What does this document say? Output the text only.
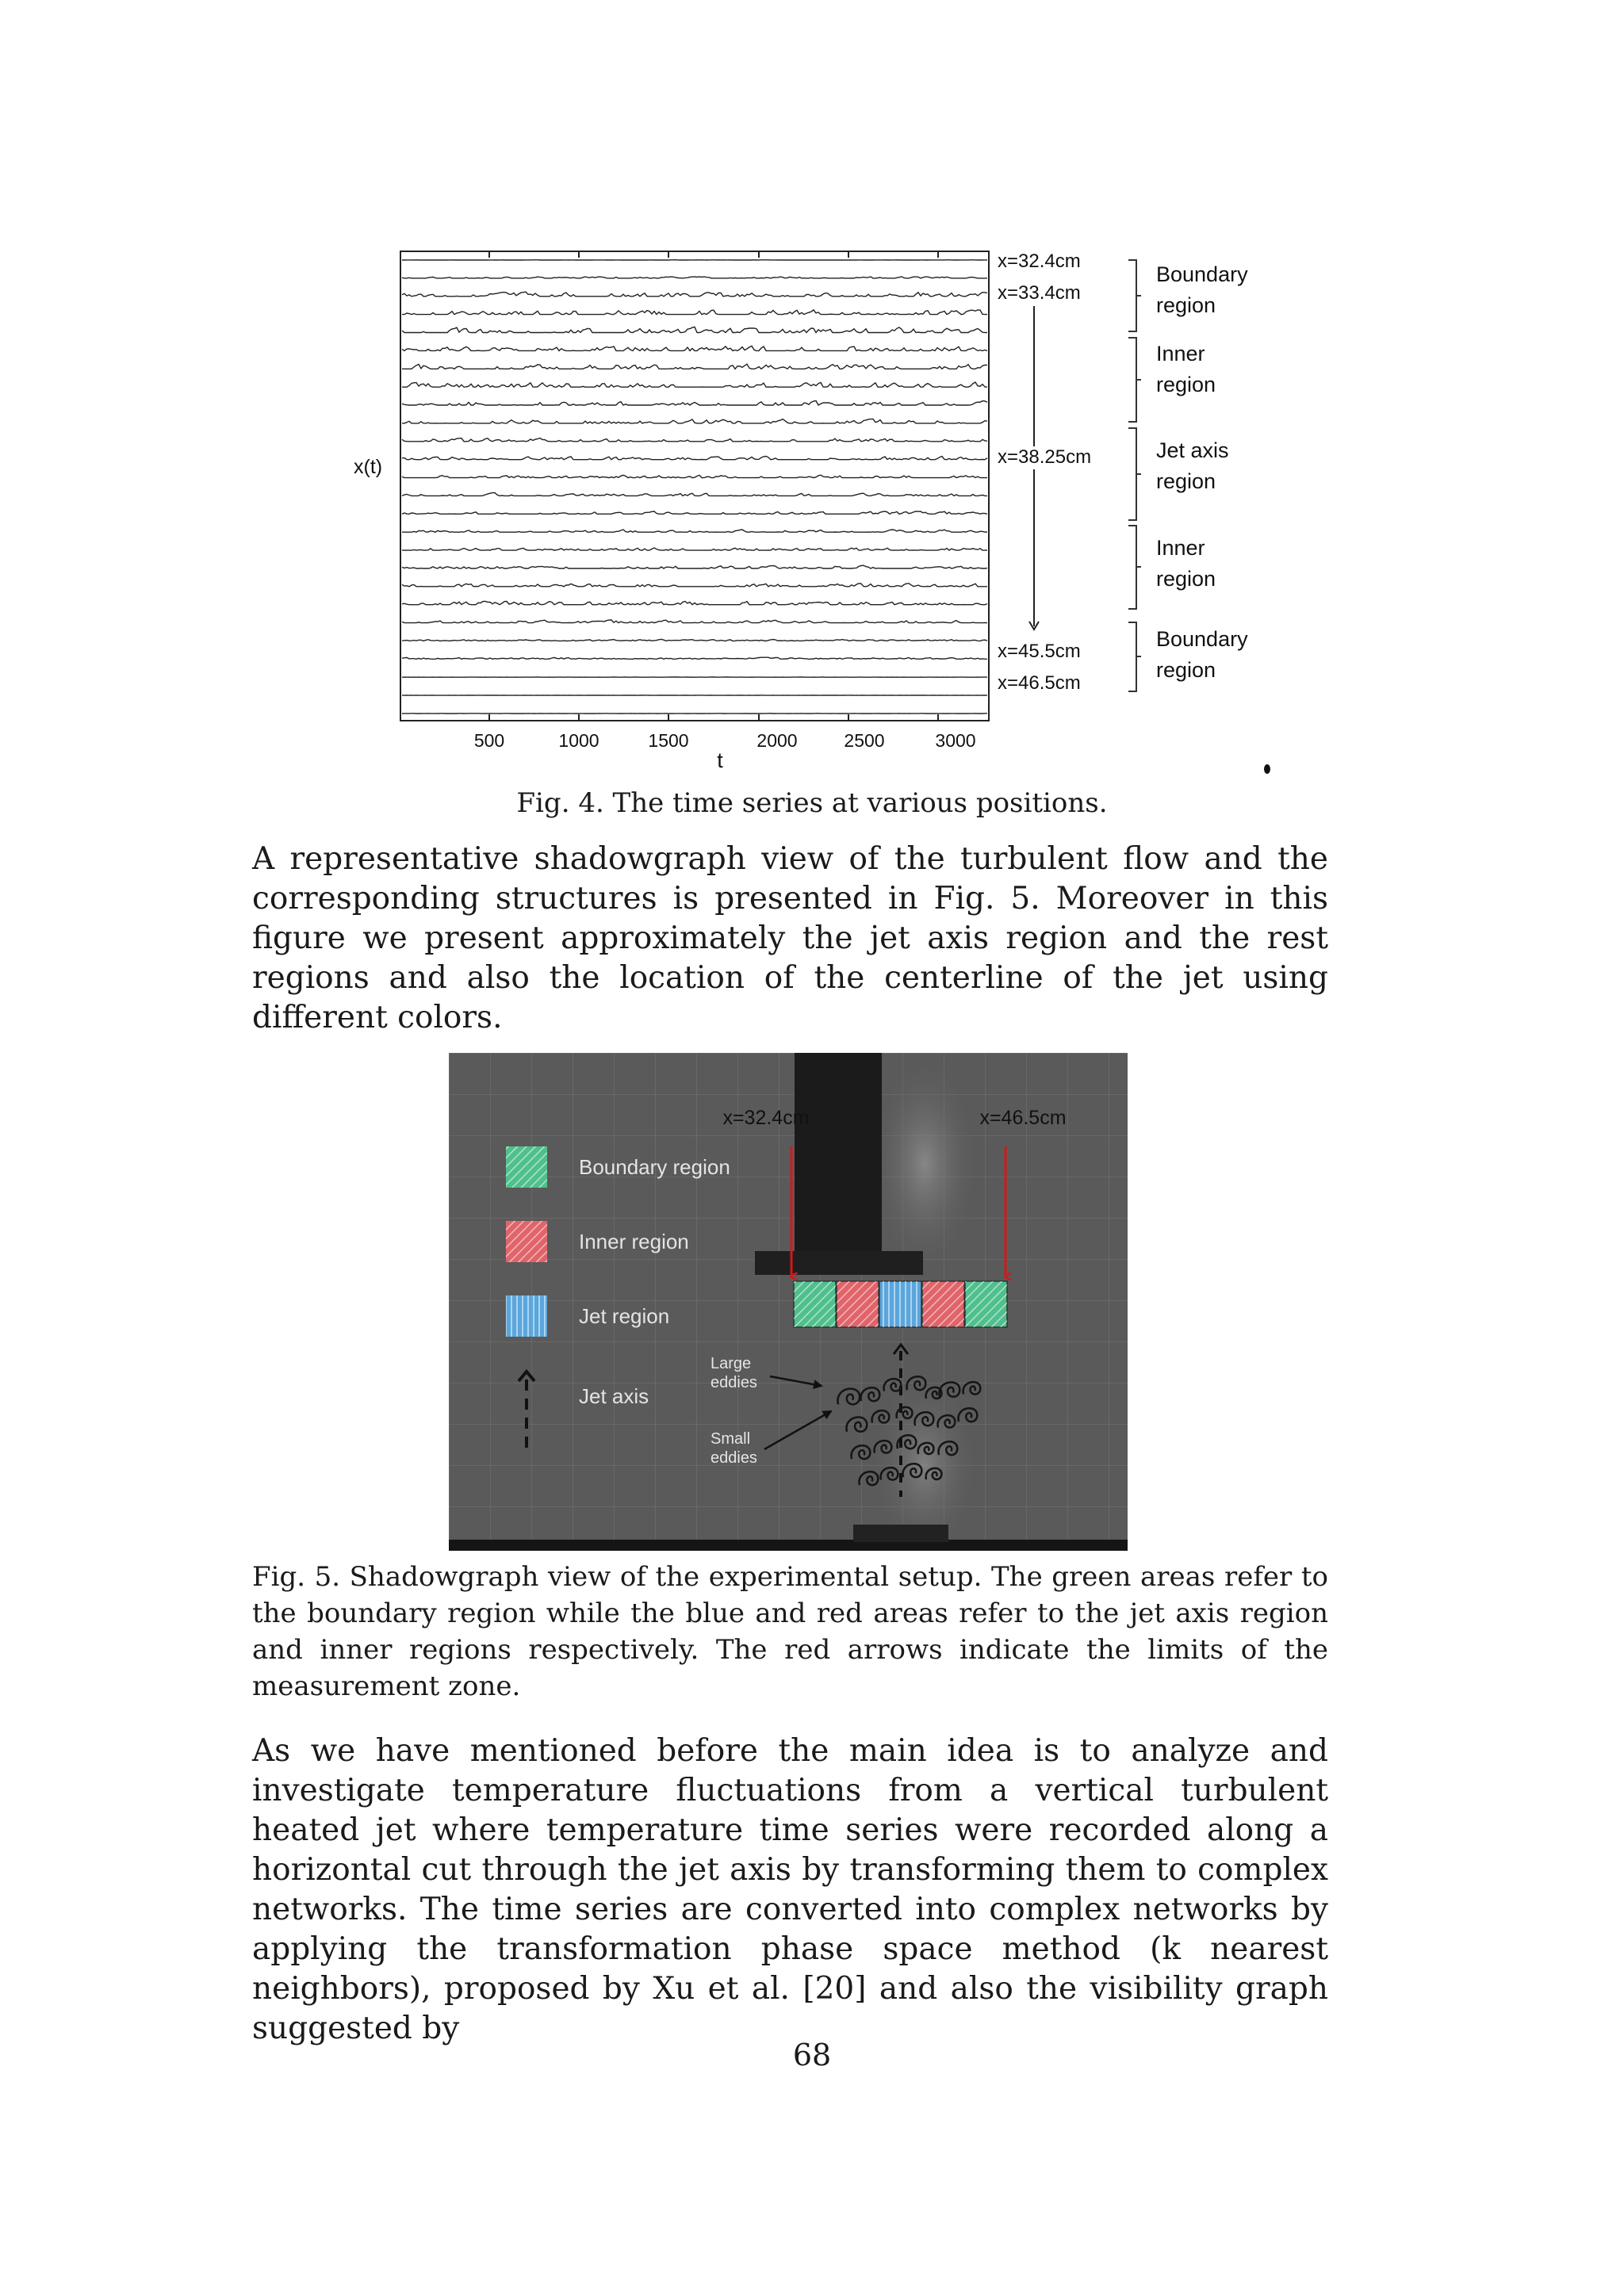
500	1000	1500	2000	2500	3000
t
x(t)
x=32.4cm
x=33.4cm
x=38.25cm
x=45.5cm
x=46.5cm
Boundary
region
Inner
region
Jet axis
region
Inner
region
Boundary
region
Fig. 4. The time series at various positions.

A representative shadowgraph view of the turbulent flow and the corresponding structures is presented in Fig. 5. Moreover in this figure we present approximately the jet axis region and the rest regions and also the location of the centerline of the jet using different colors.

x=32.4cm	x=46.5cm
Boundary region
Inner region
Jet region
Jet axis
Large
eddies
Small
eddies
Fig. 5. Shadowgraph view of the experimental setup. The green areas refer to the boundary region while the blue and red areas refer to the jet axis region and inner regions respectively. The red arrows indicate the limits of the measurement zone.

As we have mentioned before the main idea is to analyze and investigate temperature fluctuations from a vertical turbulent heated jet where temperature time series were recorded along a horizontal cut through the jet axis by transforming them to complex networks. The time series are converted into complex networks by applying the transformation phase space method (k nearest neighbors), proposed by Xu et al. [20] and also the visibility graph suggested by

68
